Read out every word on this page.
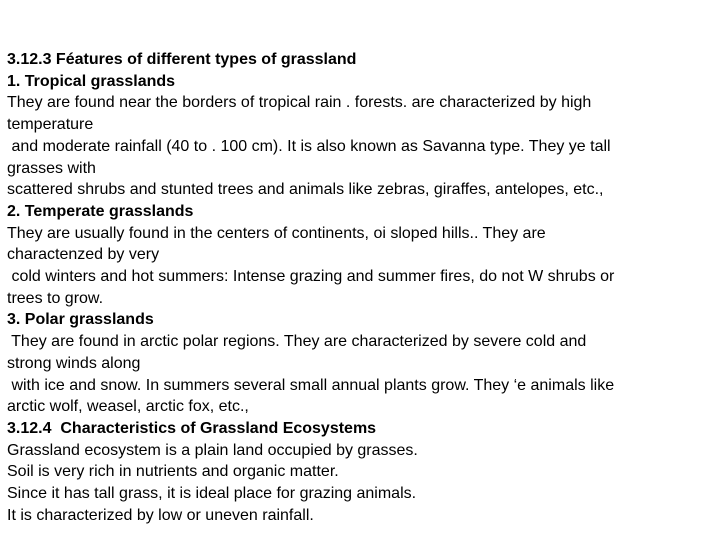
3.12.3 Féatures of different types of grassland
1. Tropical grasslands
They are found near the borders of tropical rain . forests. are characterized by high
temperature
and moderate rainfall (40 to . 100 cm). It is also known as Savanna type. They ye tall
grasses with
scattered shrubs and stunted trees and animals like zebras, giraffes, antelopes, etc.,
2. Temperate grasslands
They are usually found in the centers of continents, oi sloped hills.. They are
charactenzed by very
cold winters and hot summers: Intense grazing and summer fires, do not W shrubs or
trees to grow.
3. Polar grasslands
They are found in arctic polar regions. They are characterized by severe cold and
strong winds along
with ice and snow. In summers several small annual plants grow. They ‘e animals like
arctic wolf, weasel, arctic fox, etc.,
3.12.4  Characteristics of Grassland Ecosystems
Grassland ecosystem is a plain land occupied by grasses.
Soil is very rich in nutrients and organic matter.
Since it has tall grass, it is ideal place for grazing animals.
It is characterized by low or uneven rainfall.
